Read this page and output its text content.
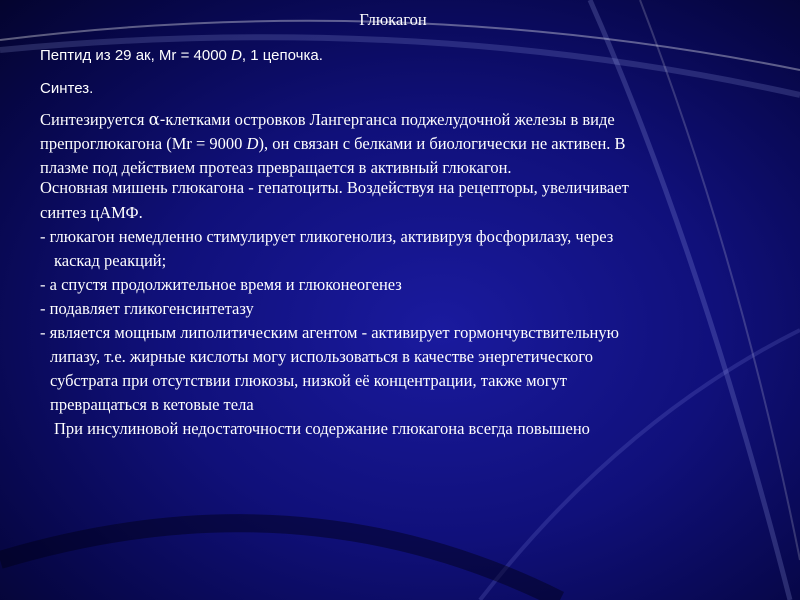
Глюкагон
Пептид из 29 ак, Mr = 4000 D, 1 цепочка.
Синтез.
Синтезируется α-клетками островков Лангерганса поджелудочной железы в виде
препроглюкагона (Mr = 9000 D), он связан с белками и биологически не активен. В
плазме под действием протеаз превращается в активный глюкагон.
Основная мишень глюкагона - гепатоциты. Воздействуя на рецепторы, увеличивает
синтез цАМФ.
- глюкагон немедленно стимулирует гликогенолиз, активируя фосфорилазу, через
каскад реакций;
- а спустя продолжительное время и глюконеогенез
- подавляет гликогенсинтетазу
- является мощным липолитическим агентом - активирует гормончувствительную
липазу, т.е. жирные кислоты могу использоваться в качестве энергетического
субстрата при отсутствии глюкозы, низкой её концентрации, также могут
превращаться в кетовые тела
При инсулиновой недостаточности содержание глюкагона всегда повышено
